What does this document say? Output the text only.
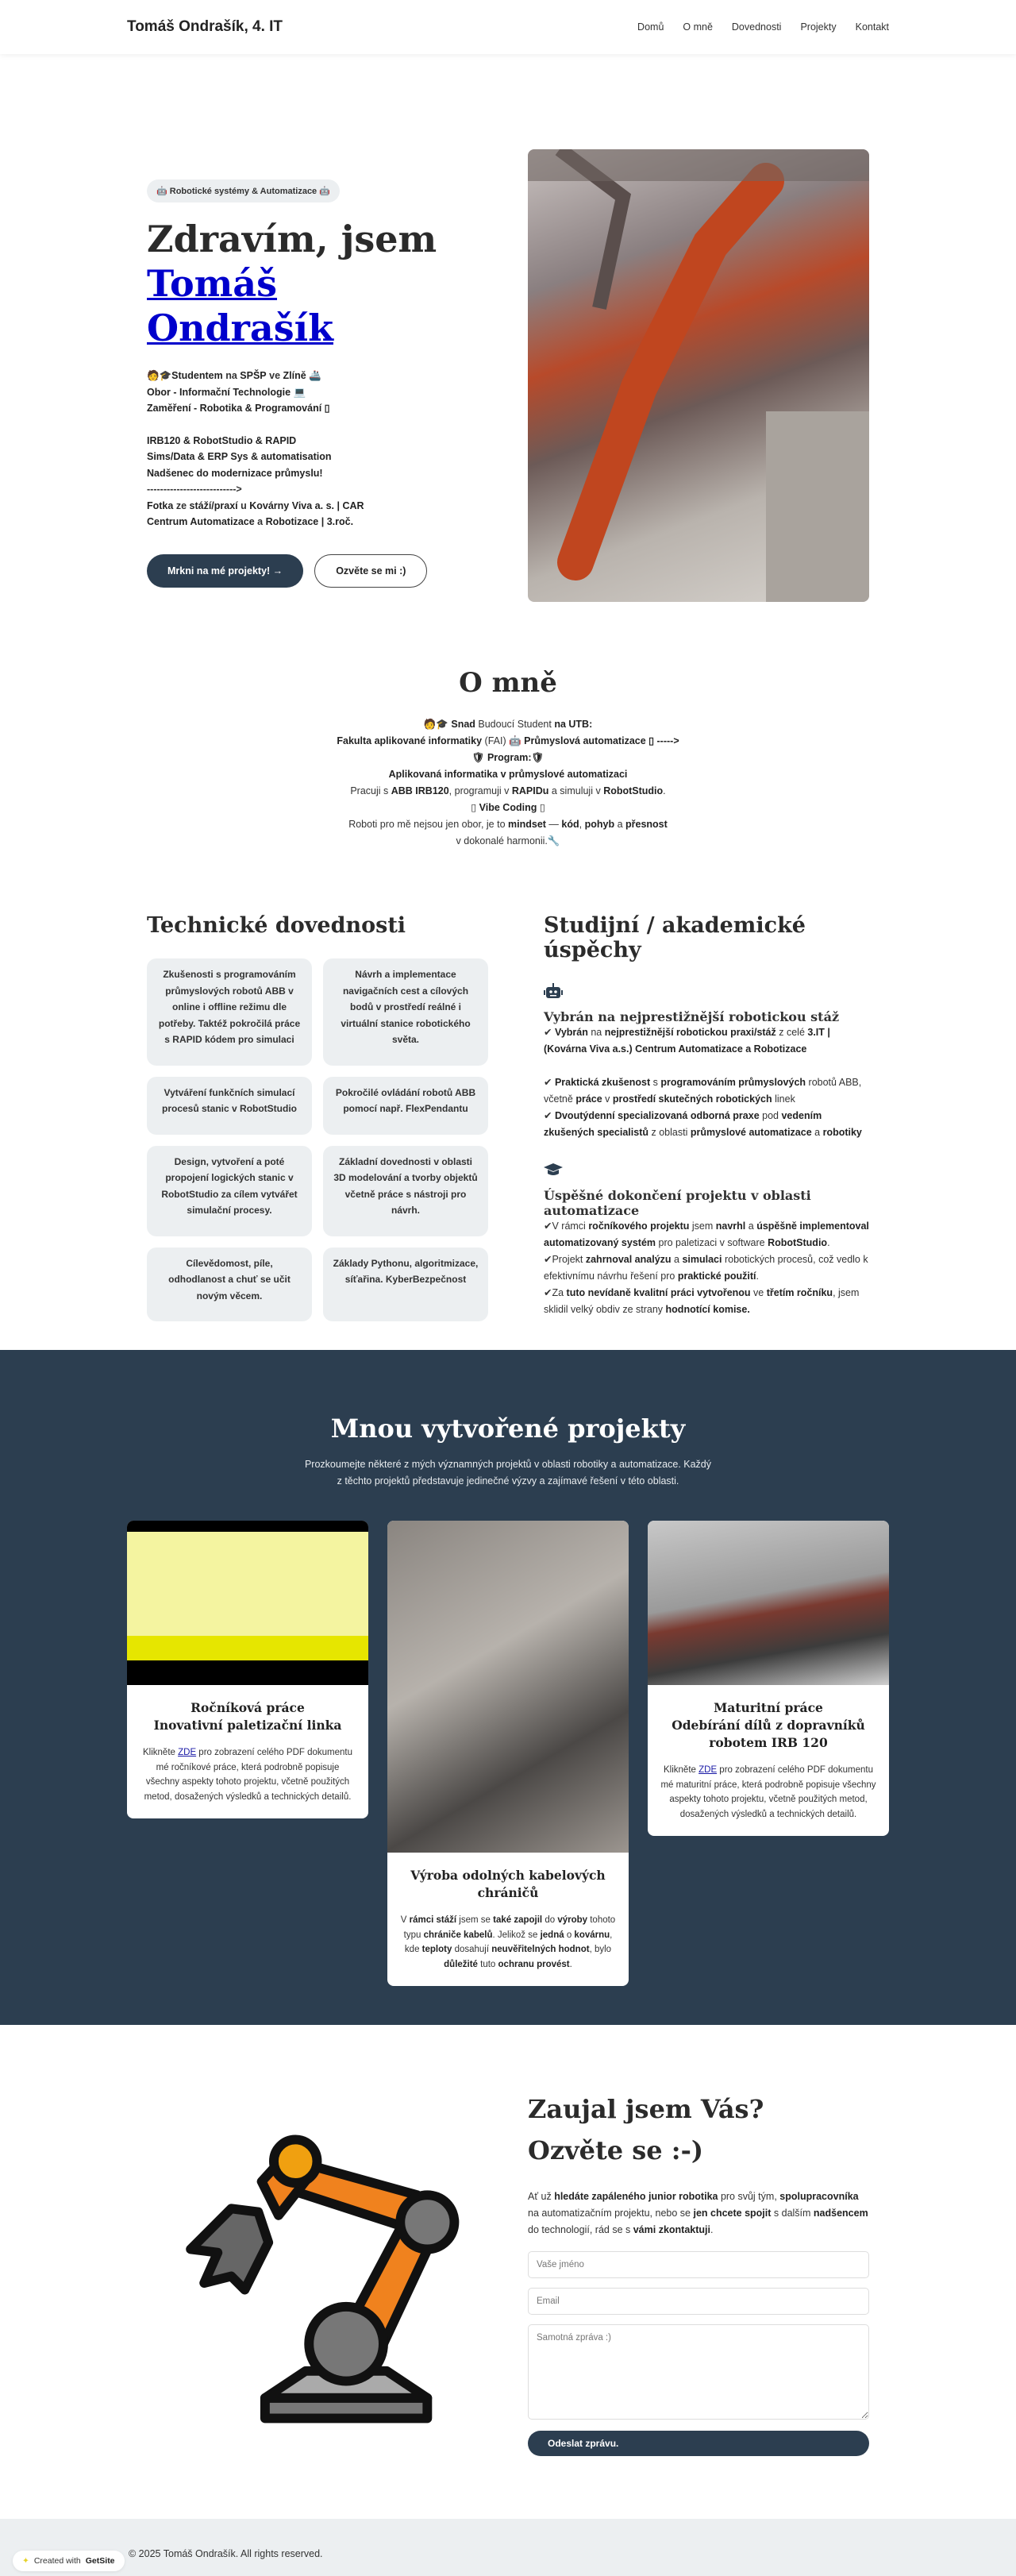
Tomáš Ondrašík, 4. IT	Domů O mně Dovednosti Projekty Kontakt
🤖 Robotické systémy & Automatizace 🤖
Zdravím, jsem
Tomáš Ondrašík
🧑🎓Studentem na SPŠP ve Zlíně 🚢
Obor - Informační Technologie 💻
Zaměření - Robotika & Programování ▯
IRB120 & RobotStudio & RAPID
Sims/Data & ERP Sys & automatisation
Nadšenec do modernizace průmyslu!
--------------------------->
Fotka ze stáží/praxí u Kovárny Viva a. s. | CAR
Centrum Automatizace a Robotizace | 3.roč.
Mrkni na mé projekty! →	Ozvěte se mi :)
O mně
🧑🎓 Snad Budoucí Student na UTB:
Fakulta aplikované informatiky (FAI) 🤖 Průmyslová automatizace ▯ ----->
🛡 Program:🛡
Aplikovaná informatika v průmyslové automatizaci
Pracuji s ABB IRB120, programuji v RAPIDu a simuluji v RobotStudio.
▯ Vibe Coding ▯
Roboti pro mě nejsou jen obor, je to mindset — kód, pohyb a přesnost
v dokonalé harmonii.🔧
Technické dovednosti
Zkušenosti s programováním průmyslových robotů ABB v online i offline režimu dle potřeby. Taktéž pokročilá práce s RAPID kódem pro simulaci
Návrh a implementace navigačních cest a cílových bodů v prostředí reálné i virtuální stanice robotického světa.
Vytváření funkčních simulací procesů stanic v RobotStudio
Pokročilé ovládání robotů ABB pomocí např. FlexPendantu
Design, vytvoření a poté propojení logických stanic v RobotStudio za cílem vytvářet simulační procesy.
Základní dovednosti v oblasti 3D modelování a tvorby objektů včetně práce s nástroji pro návrh.
Cílevědomost, píle, odhodlanost a chuť se učit novým věcem.
Základy Pythonu, algoritmizace, síťařina. KyberBezpečnost
Studijní / akademické úspěchy
Vybrán na nejprestižnější robotickou stáž

✔ Vybrán na nejprestižnější robotickou praxi/stáž z celé 3.IT | (Kovárna Viva a.s.) Centrum Automatizace a Robotizace

✔ Praktická zkušenost s programováním průmyslových robotů ABB, včetně práce v prostředí skutečných robotických linek

✔ Dvoutýdenní specializovaná odborná praxe pod vedením zkušených specialistů z oblasti průmyslové automatizace a robotiky

Úspěšné dokončení projektu v oblasti automatizace

✔V rámci ročníkového projektu jsem navrhl a úspěšně implementoval automatizovaný systém pro paletizaci v software RobotStudio.

✔Projekt zahrnoval analýzu a simulaci robotických procesů, což vedlo k efektivnímu návrhu řešení pro praktické použití.

✔Za tuto nevídaně kvalitní práci vytvořenou ve třetím ročníku, jsem sklidil velký obdiv ze strany hodnotící komise.

Mnou vytvořené projekty

Prozkoumejte některé z mých významných projektů v oblasti robotiky a automatizace. Každý z těchto projektů představuje jedinečné výzvy a zajímavé řešení v této oblasti.

Ročníková práce
Inovativní paletizační linka

Klikněte ZDE pro zobrazení celého PDF dokumentu mé ročníkové práce, která podrobně popisuje všechny aspekty tohoto projektu, včetně použitých metod, dosažených výsledků a technických detailů.

Výroba odolných kabelových chráničů

V rámci stáží jsem se také zapojil do výroby tohoto typu chrániče kabelů. Jelikož se jedná o kovárnu, kde teploty dosahují neuvěřitelných hodnot, bylo důležité tuto ochranu provést.

Maturitní práce
Odebírání dílů z dopravníků robotem IRB 120

Klikněte ZDE pro zobrazení celého PDF dokumentu mé maturitní práce, která podrobně popisuje všechny aspekty tohoto projektu, včetně použitých metod, dosažených výsledků a technických detailů.

Zaujal jsem Vás?
Ozvěte se :-)

Ať už hledáte zapáleného junior robotika pro svůj tým, spolupracovníka na automatizačním projektu, nebo se jen chcete spojit s dalším nadšencem do technologií, rád se s vámi zkontaktuji.

Vaše jméno
Email
Samotná zpráva :) Odeslat zprávu.
✦ Created with GetSite
© 2025 Tomáš Ondrašík. All rights reserved.
